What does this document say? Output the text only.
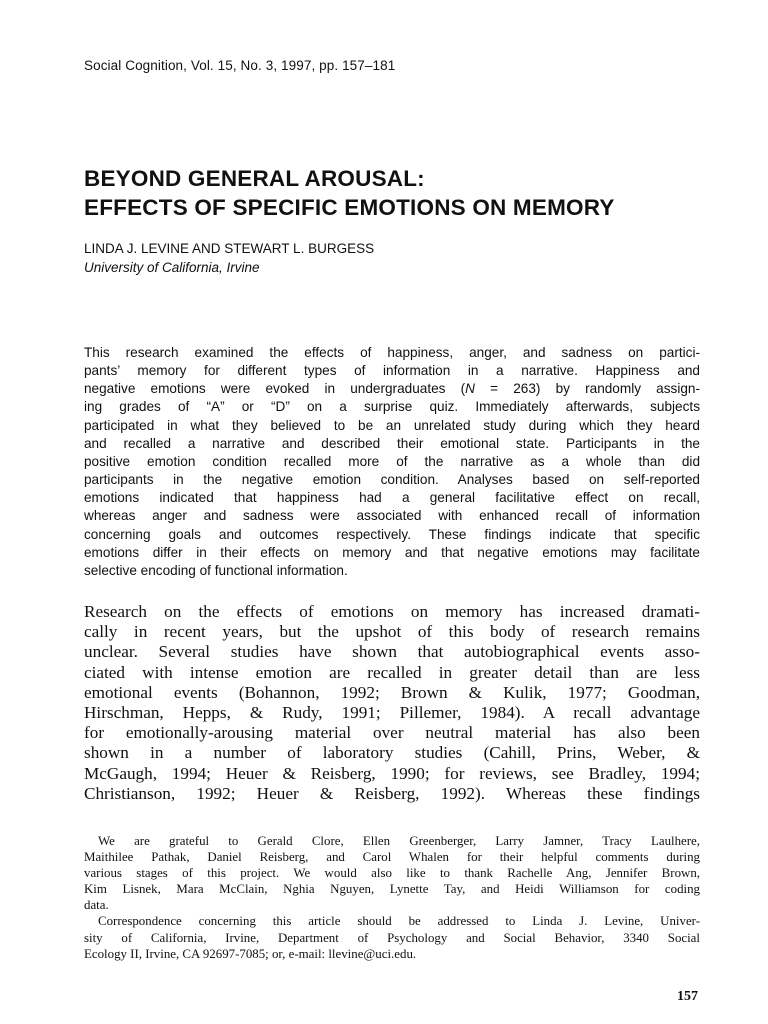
Social Cognition, Vol. 15, No. 3, 1997, pp. 157–181
BEYOND GENERAL AROUSAL:
EFFECTS OF SPECIFIC EMOTIONS ON MEMORY
LINDA J. LEVINE AND STEWART L. BURGESS
University of California, Irvine
This research examined the effects of happiness, anger, and sadness on partici-
pants’ memory for different types of information in a narrative. Happiness and
negative emotions were evoked in undergraduates (N = 263) by randomly assign-
ing grades of “A” or “D” on a surprise quiz. Immediately afterwards, subjects
participated in what they believed to be an unrelated study during which they heard
and recalled a narrative and described their emotional state. Participants in the
positive emotion condition recalled more of the narrative as a whole than did
participants in the negative emotion condition. Analyses based on self-reported
emotions indicated that happiness had a general facilitative effect on recall,
whereas anger and sadness were associated with enhanced recall of information
concerning goals and outcomes respectively. These findings indicate that specific
emotions differ in their effects on memory and that negative emotions may facilitate
selective encoding of functional information.
Research on the effects of emotions on memory has increased dramati-
cally in recent years, but the upshot of this body of research remains
unclear. Several studies have shown that autobiographical events asso-
ciated with intense emotion are recalled in greater detail than are less
emotional events (Bohannon, 1992; Brown & Kulik, 1977; Goodman,
Hirschman, Hepps, & Rudy, 1991; Pillemer, 1984). A recall advantage
for emotionally-arousing material over neutral material has also been
shown in a number of laboratory studies (Cahill, Prins, Weber, &
McGaugh, 1994; Heuer & Reisberg, 1990; for reviews, see Bradley, 1994;
Christianson, 1992; Heuer & Reisberg, 1992). Whereas these findings
We are grateful to Gerald Clore, Ellen Greenberger, Larry Jamner, Tracy Laulhere,
Maithilee Pathak, Daniel Reisberg, and Carol Whalen for their helpful comments during
various stages of this project. We would also like to thank Rachelle Ang, Jennifer Brown,
Kim Lisnek, Mara McClain, Nghia Nguyen, Lynette Tay, and Heidi Williamson for coding
data.
Correspondence concerning this article should be addressed to Linda J. Levine, Univer-
sity of California, Irvine, Department of Psychology and Social Behavior, 3340 Social
Ecology II, Irvine, CA 92697-7085; or, e-mail: llevine@uci.edu.
157
